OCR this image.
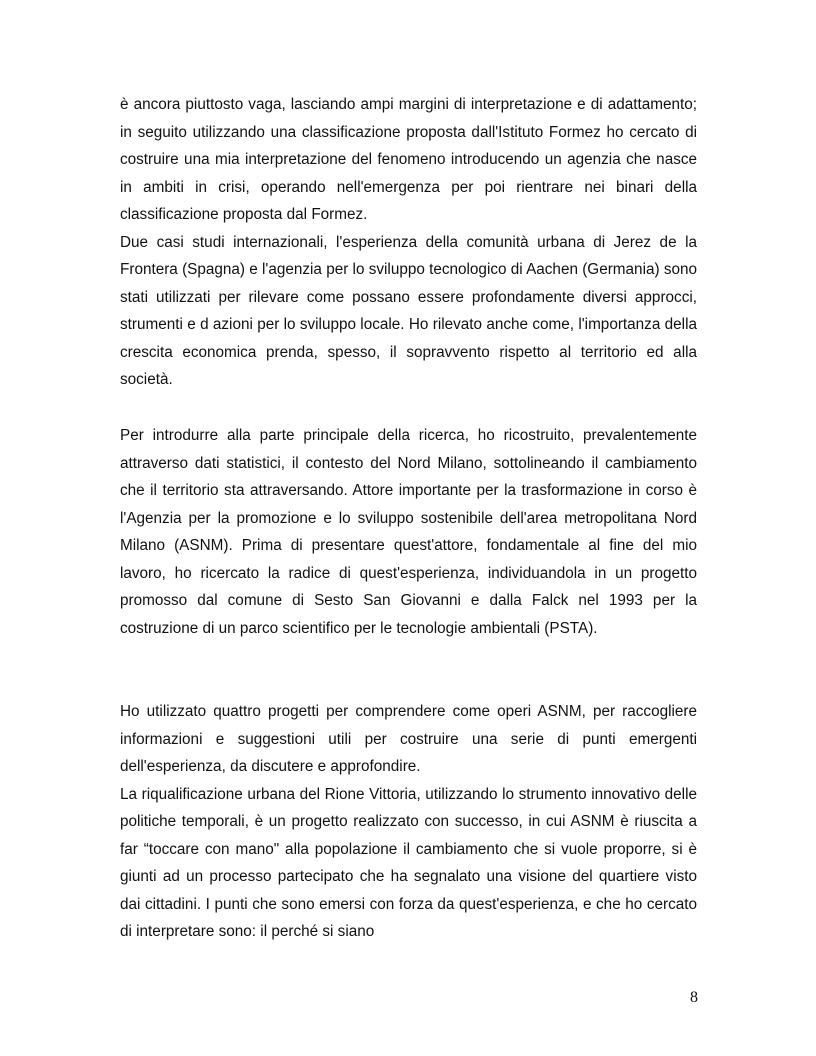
è ancora piuttosto vaga, lasciando ampi margini di interpretazione e di adattamento; in seguito utilizzando una classificazione proposta dall'Istituto Formez ho cercato di costruire una mia interpretazione del fenomeno introducendo un agenzia che nasce in ambiti in crisi, operando nell'emergenza per poi rientrare nei binari della classificazione proposta dal Formez.

Due casi studi internazionali, l'esperienza della comunità urbana di Jerez de la Frontera (Spagna) e l'agenzia per lo sviluppo tecnologico di Aachen (Germania) sono stati utilizzati per rilevare come possano essere profondamente diversi approcci, strumenti e d azioni per lo sviluppo locale. Ho rilevato anche come, l'importanza della crescita economica prenda, spesso, il sopravvento rispetto al territorio ed alla società.

Per introdurre alla parte principale della ricerca, ho ricostruito, prevalentemente attraverso dati statistici, il contesto del Nord Milano, sottolineando il cambiamento che il territorio sta attraversando. Attore importante per la trasformazione in corso è l'Agenzia per la promozione e lo sviluppo sostenibile dell'area metropolitana Nord Milano (ASNM). Prima di presentare quest'attore, fondamentale al fine del mio lavoro, ho ricercato la radice di quest'esperienza, individuandola in un progetto promosso dal comune di Sesto San Giovanni e dalla Falck nel 1993 per la costruzione di un parco scientifico per le tecnologie ambientali (PSTA).

Ho utilizzato quattro progetti per comprendere come operi ASNM, per raccogliere informazioni e suggestioni utili per costruire una serie di punti emergenti dell'esperienza, da discutere e approfondire.

La riqualificazione urbana del Rione Vittoria, utilizzando lo strumento innovativo delle politiche temporali, è un progetto realizzato con successo, in cui ASNM è riuscita a far “toccare con mano" alla popolazione il cambiamento che si vuole proporre, si è giunti ad un processo partecipato che ha segnalato una visione del quartiere visto dai cittadini. I punti che sono emersi con forza da quest'esperienza, e che ho cercato di interpretare sono: il perché si siano

8
